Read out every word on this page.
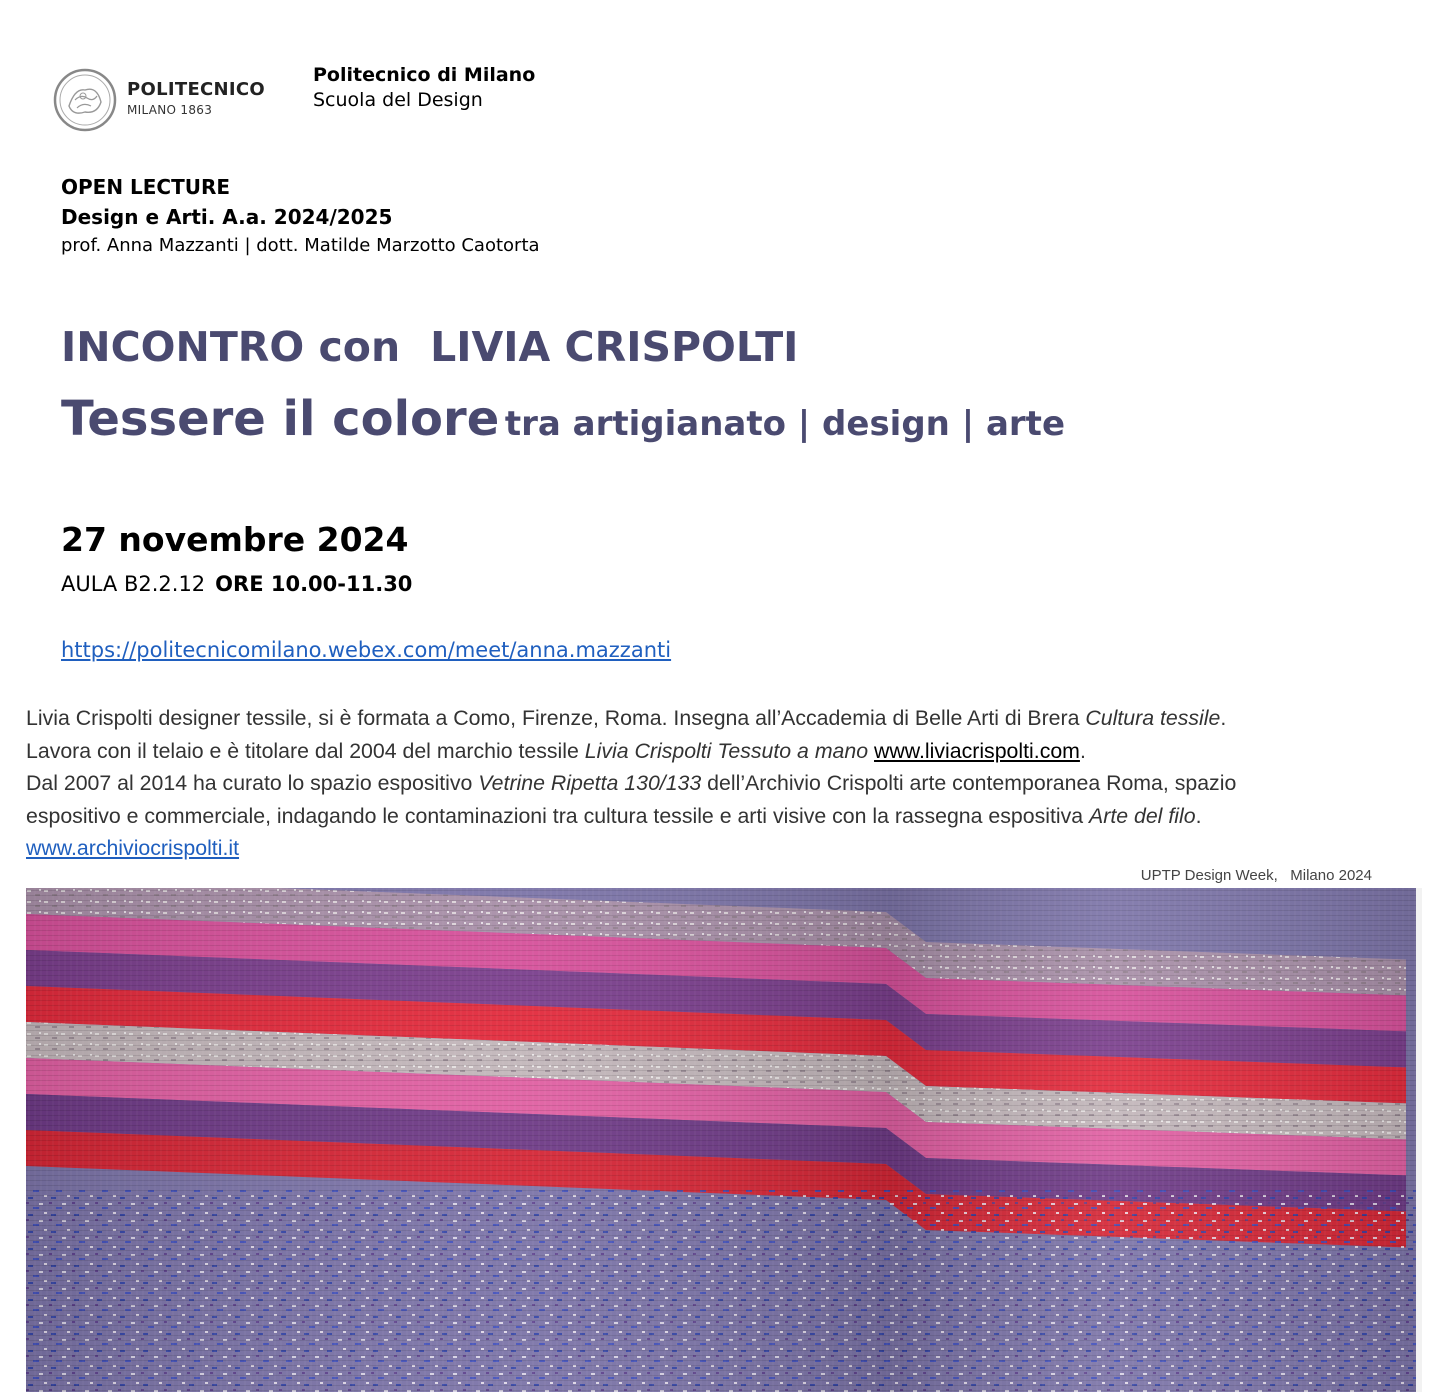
POLITECNICO
MILANO 1863
Politecnico di Milano
Scuola del Design
OPEN LECTURE
Design e Arti. A.a. 2024/2025
prof. Anna Mazzanti | dott. Matilde Marzotto Caotorta
INCONTRO con LIVIA CRISPOLTI
Tessere il colore tra artigianato | design | arte
27 novembre 2024
AULA B2.2.12 ORE 10.00-11.30
https://politecnicomilano.webex.com/meet/anna.mazzanti
Livia Crispolti designer tessile, si è formata a Como, Firenze, Roma. Insegna all’Accademia di Belle Arti di Brera Cultura tessile.
Lavora con il telaio e è titolare dal 2004 del marchio tessile Livia Crispolti Tessuto a mano www.liviacrispolti.com.
Dal 2007 al 2014 ha curato lo spazio espositivo Vetrine Ripetta 130/133 dell’Archivio Crispolti arte contemporanea Roma, spazio
espositivo e commerciale, indagando le contaminazioni tra cultura tessile e arti visive con la rassegna espositiva Arte del filo.
www.archiviocrispolti.it
UPTP Design Week,   Milano 2024
